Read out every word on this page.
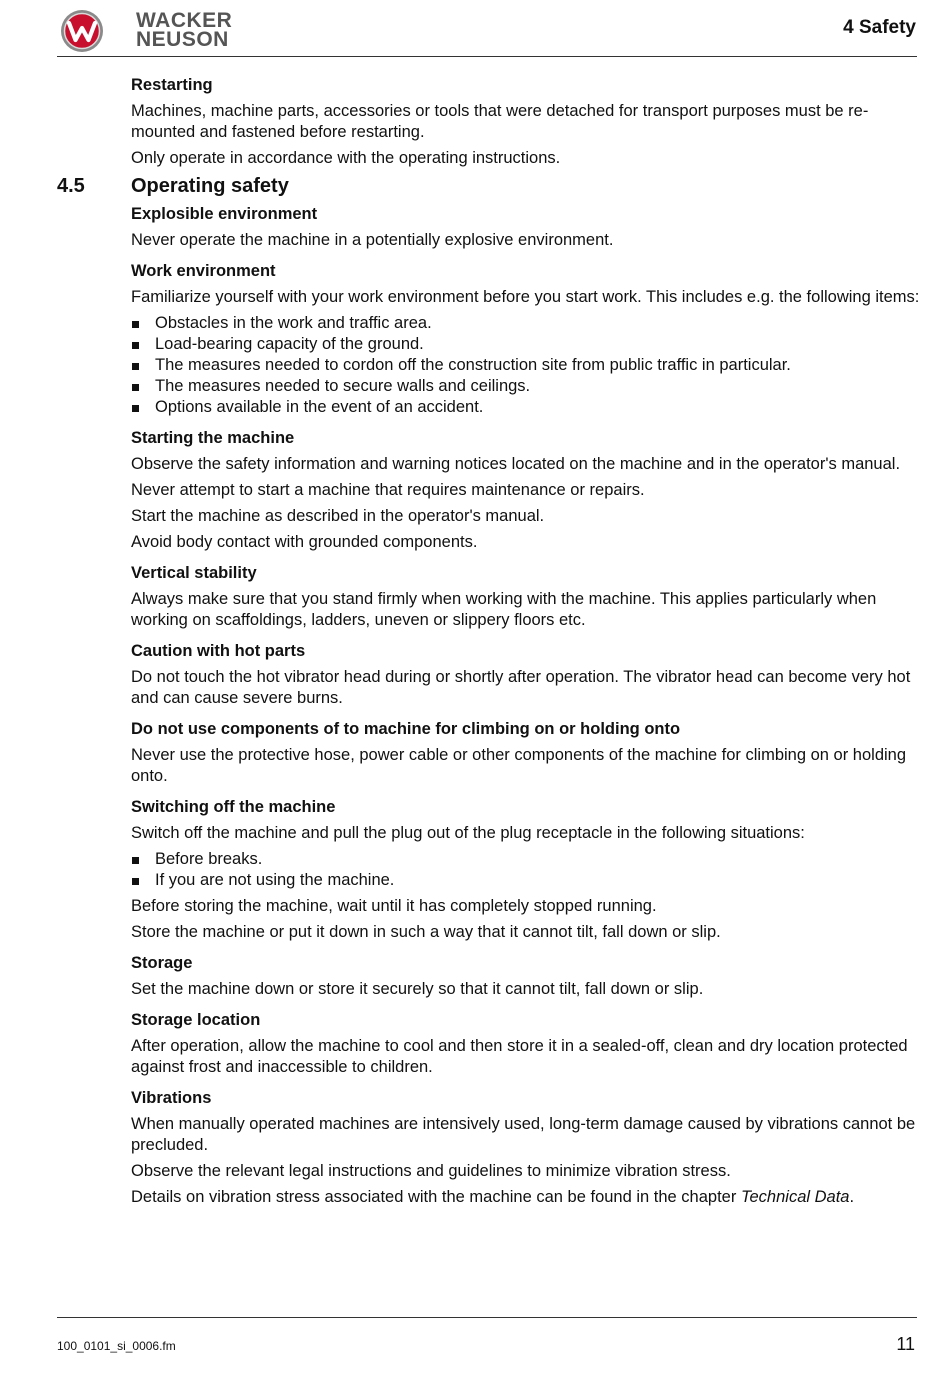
WACKER
NEUSON
4 Safety
Restarting
Machines, machine parts, accessories or tools that were detached for transport purposes must be re-mounted and fastened before restarting.
Only operate in accordance with the operating instructions.
4.5 Operating safety
Explosible environment
Never operate the machine in a potentially explosive environment.
Work environment
Familiarize yourself with your work environment before you start work. This includes e.g. the following items:
Obstacles in the work and traffic area.
Load-bearing capacity of the ground.
The measures needed to cordon off the construction site from public traffic in particular.
The measures needed to secure walls and ceilings.
Options available in the event of an accident.
Starting the machine
Observe the safety information and warning notices located on the machine and in the operator's manual.
Never attempt to start a machine that requires maintenance or repairs.
Start the machine as described in the operator's manual.
Avoid body contact with grounded components.
Vertical stability
Always make sure that you stand firmly when working with the machine. This applies particularly when working on scaffoldings, ladders, uneven or slippery floors etc.
Caution with hot parts
Do not touch the hot vibrator head during or shortly after operation. The vibrator head can become very hot and can cause severe burns.
Do not use components of to machine for climbing on or holding onto
Never use the protective hose, power cable or other components of the machine for climbing on or holding onto.
Switching off the machine
Switch off the machine and pull the plug out of the plug receptacle in the following situations:
Before breaks.
If you are not using the machine.
Before storing the machine, wait until it has completely stopped running.
Store the machine or put it down in such a way that it cannot tilt, fall down or slip.
Storage
Set the machine down or store it securely so that it cannot tilt, fall down or slip.
Storage location
After operation, allow the machine to cool and then store it in a sealed-off, clean and dry location protected against frost and inaccessible to children.
Vibrations
When manually operated machines are intensively used, long-term damage caused by vibrations cannot be precluded.
Observe the relevant legal instructions and guidelines to minimize vibration stress.
Details on vibration stress associated with the machine can be found in the chapter Technical Data.
100_0101_si_0006.fm	11
